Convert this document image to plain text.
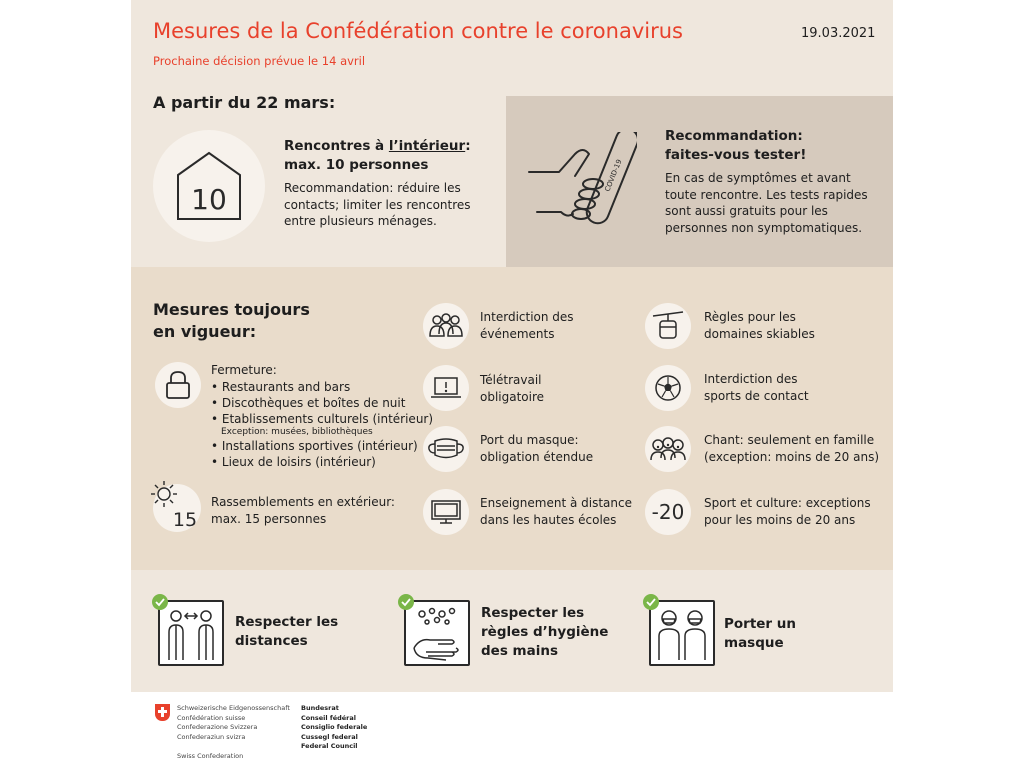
Mesures de la Confédération contre le coronavirus
Prochaine décision prévue le 14 avril
19.03.2021
A partir du 22 mars:
10
Rencontres à l’intérieur:
max. 10 personnes
Recommandation: réduire les contacts; limiter les rencontres entre plusieurs ménages.
COVID-19
Recommandation:
faites-vous tester!
En cas de symptômes et avant toute rencontre. Les tests rapides sont aussi gratuits pour les personnes non symptomatiques.
Mesures toujours
en vigueur:
Fermeture:
• Restaurants and bars
• Discothèques et boîtes de nuit
• Etablissements culturels (intérieur)
Exception: musées, bibliothèques
• Installations sportives (intérieur)
• Lieux de loisirs (intérieur)
15
Rassemblements en extérieur:
max. 15 personnes
Interdiction des
événements
Télétravail
obligatoire
Port du masque:
obligation étendue
Enseignement à distance
dans les hautes écoles
Règles pour les
domaines skiables
Interdiction des
sports de contact
Chant: seulement en famille
(exception: moins de 20 ans)
-20 Sport et culture: exceptions
pour les moins de 20 ans
Respecter les
distances
Respecter les
règles d’hygiène
des mains
Porter un
masque
Schweizerische Eidgenossenschaft
Confédération suisse
Confederazione Svizzera
Confederaziun svizra
Swiss Confederation
Bundesrat
Conseil fédéral
Consiglio federale
Cussegl federal
Federal Council
